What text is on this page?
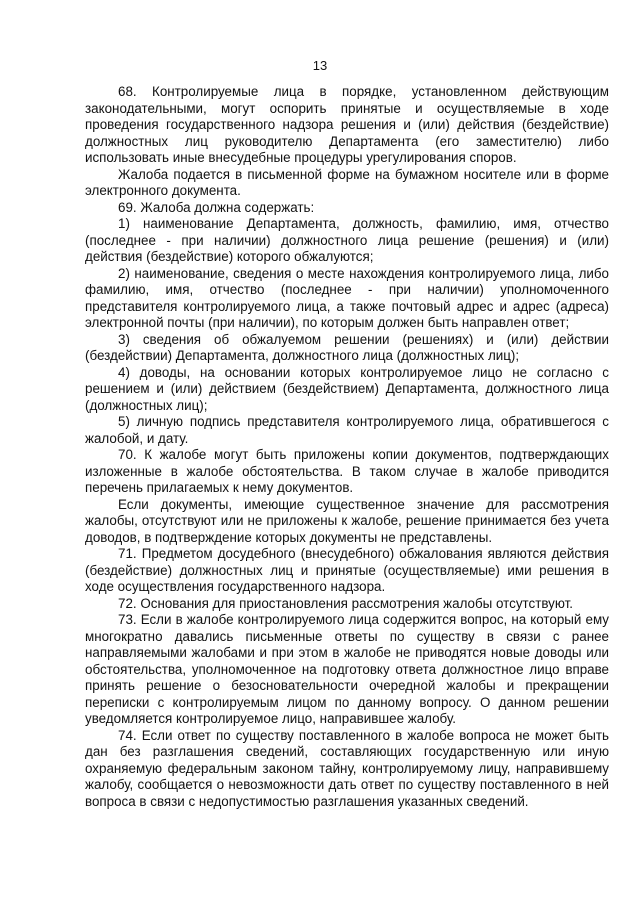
13

68. Контролируемые лица в порядке, установленном действующим законодательными, могут оспорить принятые и осуществляемые в ходе проведения государственного надзора решения и (или) действия (бездействие) должностных лиц руководителю Департамента (его заместителю) либо использовать иные внесудебные процедуры урегулирования споров.

Жалоба подается в письменной форме на бумажном носителе или в форме электронного документа.

69. Жалоба должна содержать:

1) наименование Департамента, должность, фамилию, имя, отчество (последнее - при наличии) должностного лица решение (решения) и (или) действия (бездействие) которого обжалуются;

2) наименование, сведения о месте нахождения контролируемого лица, либо фамилию, имя, отчество (последнее - при наличии) уполномоченного представителя контролируемого лица, а также почтовый адрес и адрес (адреса) электронной почты (при наличии), по которым должен быть направлен ответ;

3) сведения об обжалуемом решении (решениях) и (или) действии (бездействии) Департамента, должностного лица (должностных лиц);

4) доводы, на основании которых контролируемое лицо не согласно с решением и (или) действием (бездействием) Департамента, должностного лица (должностных лиц);

5) личную подпись представителя контролируемого лица, обратившегося с жалобой, и дату.

70. К жалобе могут быть приложены копии документов, подтверждающих изложенные в жалобе обстоятельства. В таком случае в жалобе приводится перечень прилагаемых к нему документов.

Если документы, имеющие существенное значение для рассмотрения жалобы, отсутствуют или не приложены к жалобе, решение принимается без учета доводов, в подтверждение которых документы не представлены.

71. Предметом досудебного (внесудебного) обжалования являются действия (бездействие) должностных лиц и принятые (осуществляемые) ими решения в ходе осуществления государственного надзора.

72. Основания для приостановления рассмотрения жалобы отсутствуют.

73. Если в жалобе контролируемого лица содержится вопрос, на который ему многократно давались письменные ответы по существу в связи с ранее направляемыми жалобами и при этом в жалобе не приводятся новые доводы или обстоятельства, уполномоченное на подготовку ответа должностное лицо вправе принять решение о безосновательности очередной жалобы и прекращении переписки с контролируемым лицом по данному вопросу. О данном решении уведомляется контролируемое лицо, направившее жалобу.

74. Если ответ по существу поставленного в жалобе вопроса не может быть дан без разглашения сведений, составляющих государственную или иную охраняемую федеральным законом тайну, контролируемому лицу, направившему жалобу, сообщается о невозможности дать ответ по существу поставленного в ней вопроса в связи с недопустимостью разглашения указанных сведений.
